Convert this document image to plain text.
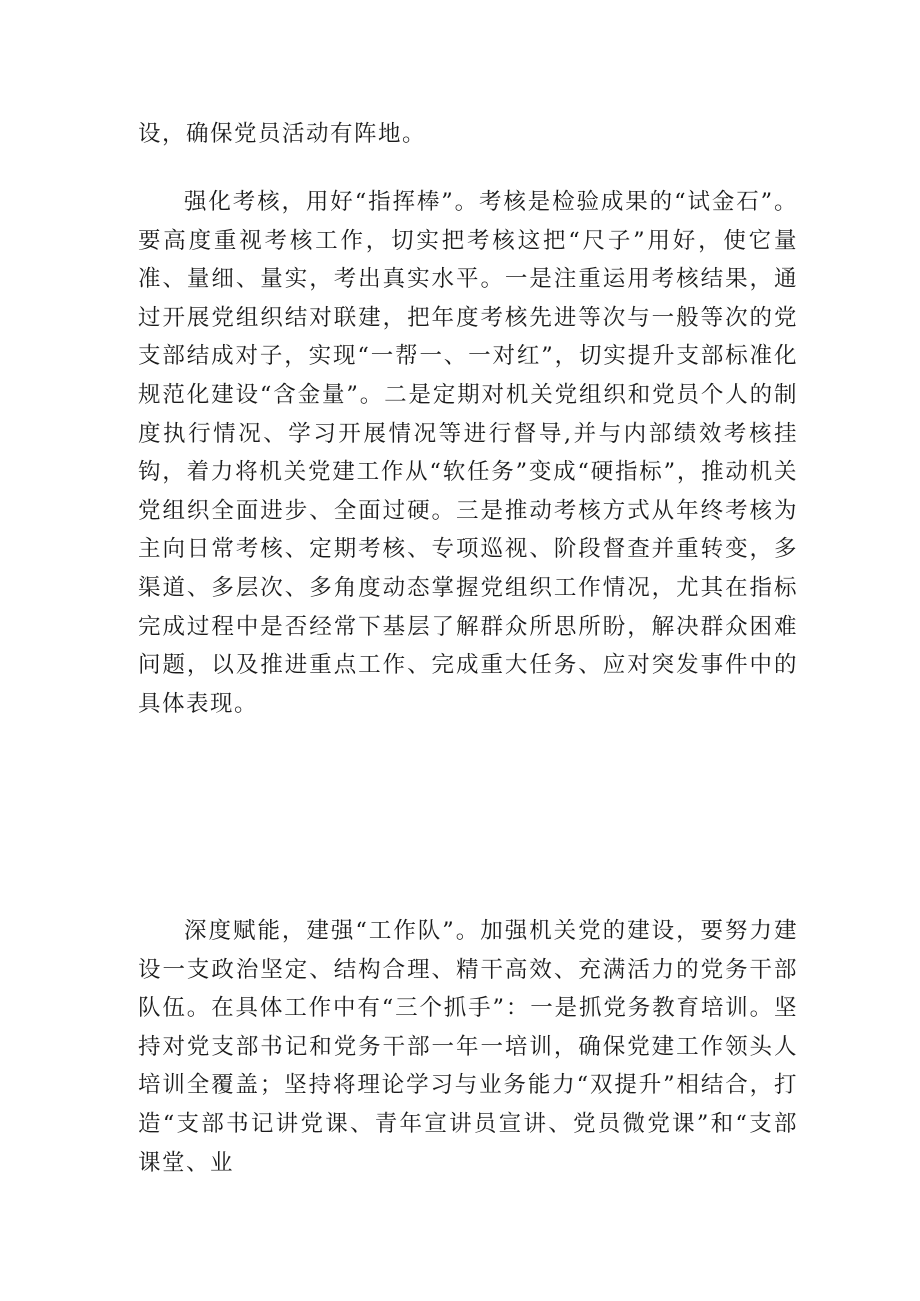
设，确保党员活动有阵地。

强化考核，用好“指挥棒”。考核是检验成果的“试金石”。要高度重视考核工作，切实把考核这把“尺子”用好，使它量准、量细、量实，考出真实水平。一是注重运用考核结果，通过开展党组织结对联建，把年度考核先进等次与一般等次的党支部结成对子，实现“一帮一、一对红”，切实提升支部标准化规范化建设“含金量”。二是定期对机关党组织和党员个人的制度执行情况、学习开展情况等进行督导,并与内部绩效考核挂钩，着力将机关党建工作从“软任务”变成“硬指标”，推动机关党组织全面进步、全面过硬。三是推动考核方式从年终考核为主向日常考核、定期考核、专项巡视、阶段督查并重转变，多渠道、多层次、多角度动态掌握党组织工作情况，尤其在指标完成过程中是否经常下基层了解群众所思所盼，解决群众困难问题，以及推进重点工作、完成重大任务、应对突发事件中的具体表现。

深度赋能，建强“工作队”。加强机关党的建设，要努力建设一支政治坚定、结构合理、精干高效、充满活力的党务干部队伍。在具体工作中有“三个抓手”：一是抓党务教育培训。坚持对党支部书记和党务干部一年一培训，确保党建工作领头人培训全覆盖；坚持将理论学习与业务能力“双提升”相结合，打造“支部书记讲党课、青年宣讲员宣讲、党员微党课”和“支部课堂、业
